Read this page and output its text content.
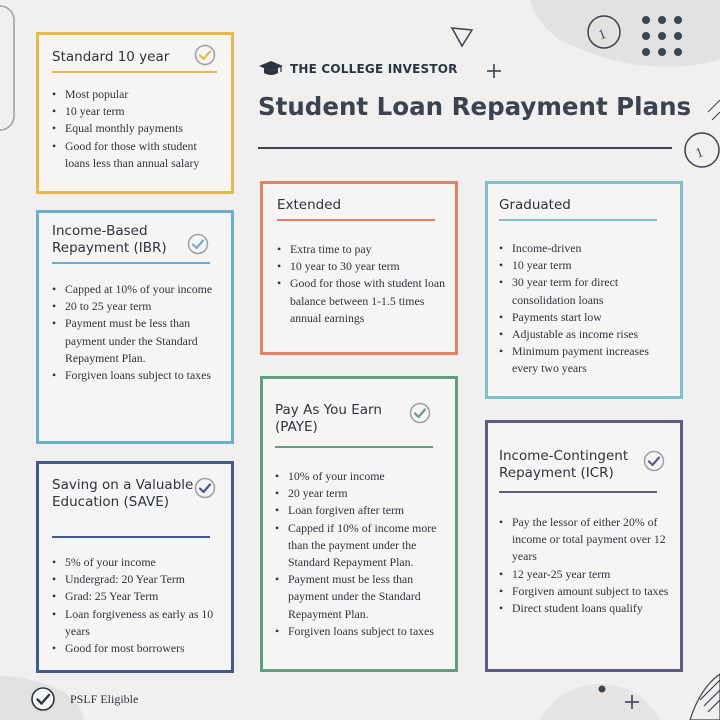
1
1
THE COLLEGE INVESTOR
Student Loan Repayment Plans
Standard 10 year
• Most popular
• 10 year term
• Equal monthly payments
• Good for those with student loans less than annual salary
Income-Based Repayment (IBR)
• Capped at 10% of your income
• 20 to 25 year term
• Payment must be less than payment under the Standard Repayment Plan.
• Forgiven loans subject to taxes
Saving on a Valuable Education (SAVE)
• 5% of your income
• Undergrad: 20 Year Term
• Grad: 25 Year Term
• Loan forgiveness as early as 10 years
• Good for most borrowers
Extended
• Extra time to pay
• 10 year to 30 year term
• Good for those with student loan balance between 1-1.5 times annual earnings
Graduated
• Income-driven
• 10 year term
• 30 year term for direct consolidation loans
• Payments start low
• Adjustable as income rises
• Minimum payment increases every two years
Pay As You Earn (PAYE)
• 10% of your income
• 20 year term
• Loan forgiven after term
• Capped if 10% of income more than the payment under the Standard Repayment Plan.
• Payment must be less than payment under the Standard Repayment Plan.
• Forgiven loans subject to taxes
Income-Contingent Repayment (ICR)
• Pay the lessor of either 20% of income or total payment over 12 years
• 12 year-25 year term
• Forgiven amount subject to taxes
• Direct student loans qualify
PSLF Eligible
